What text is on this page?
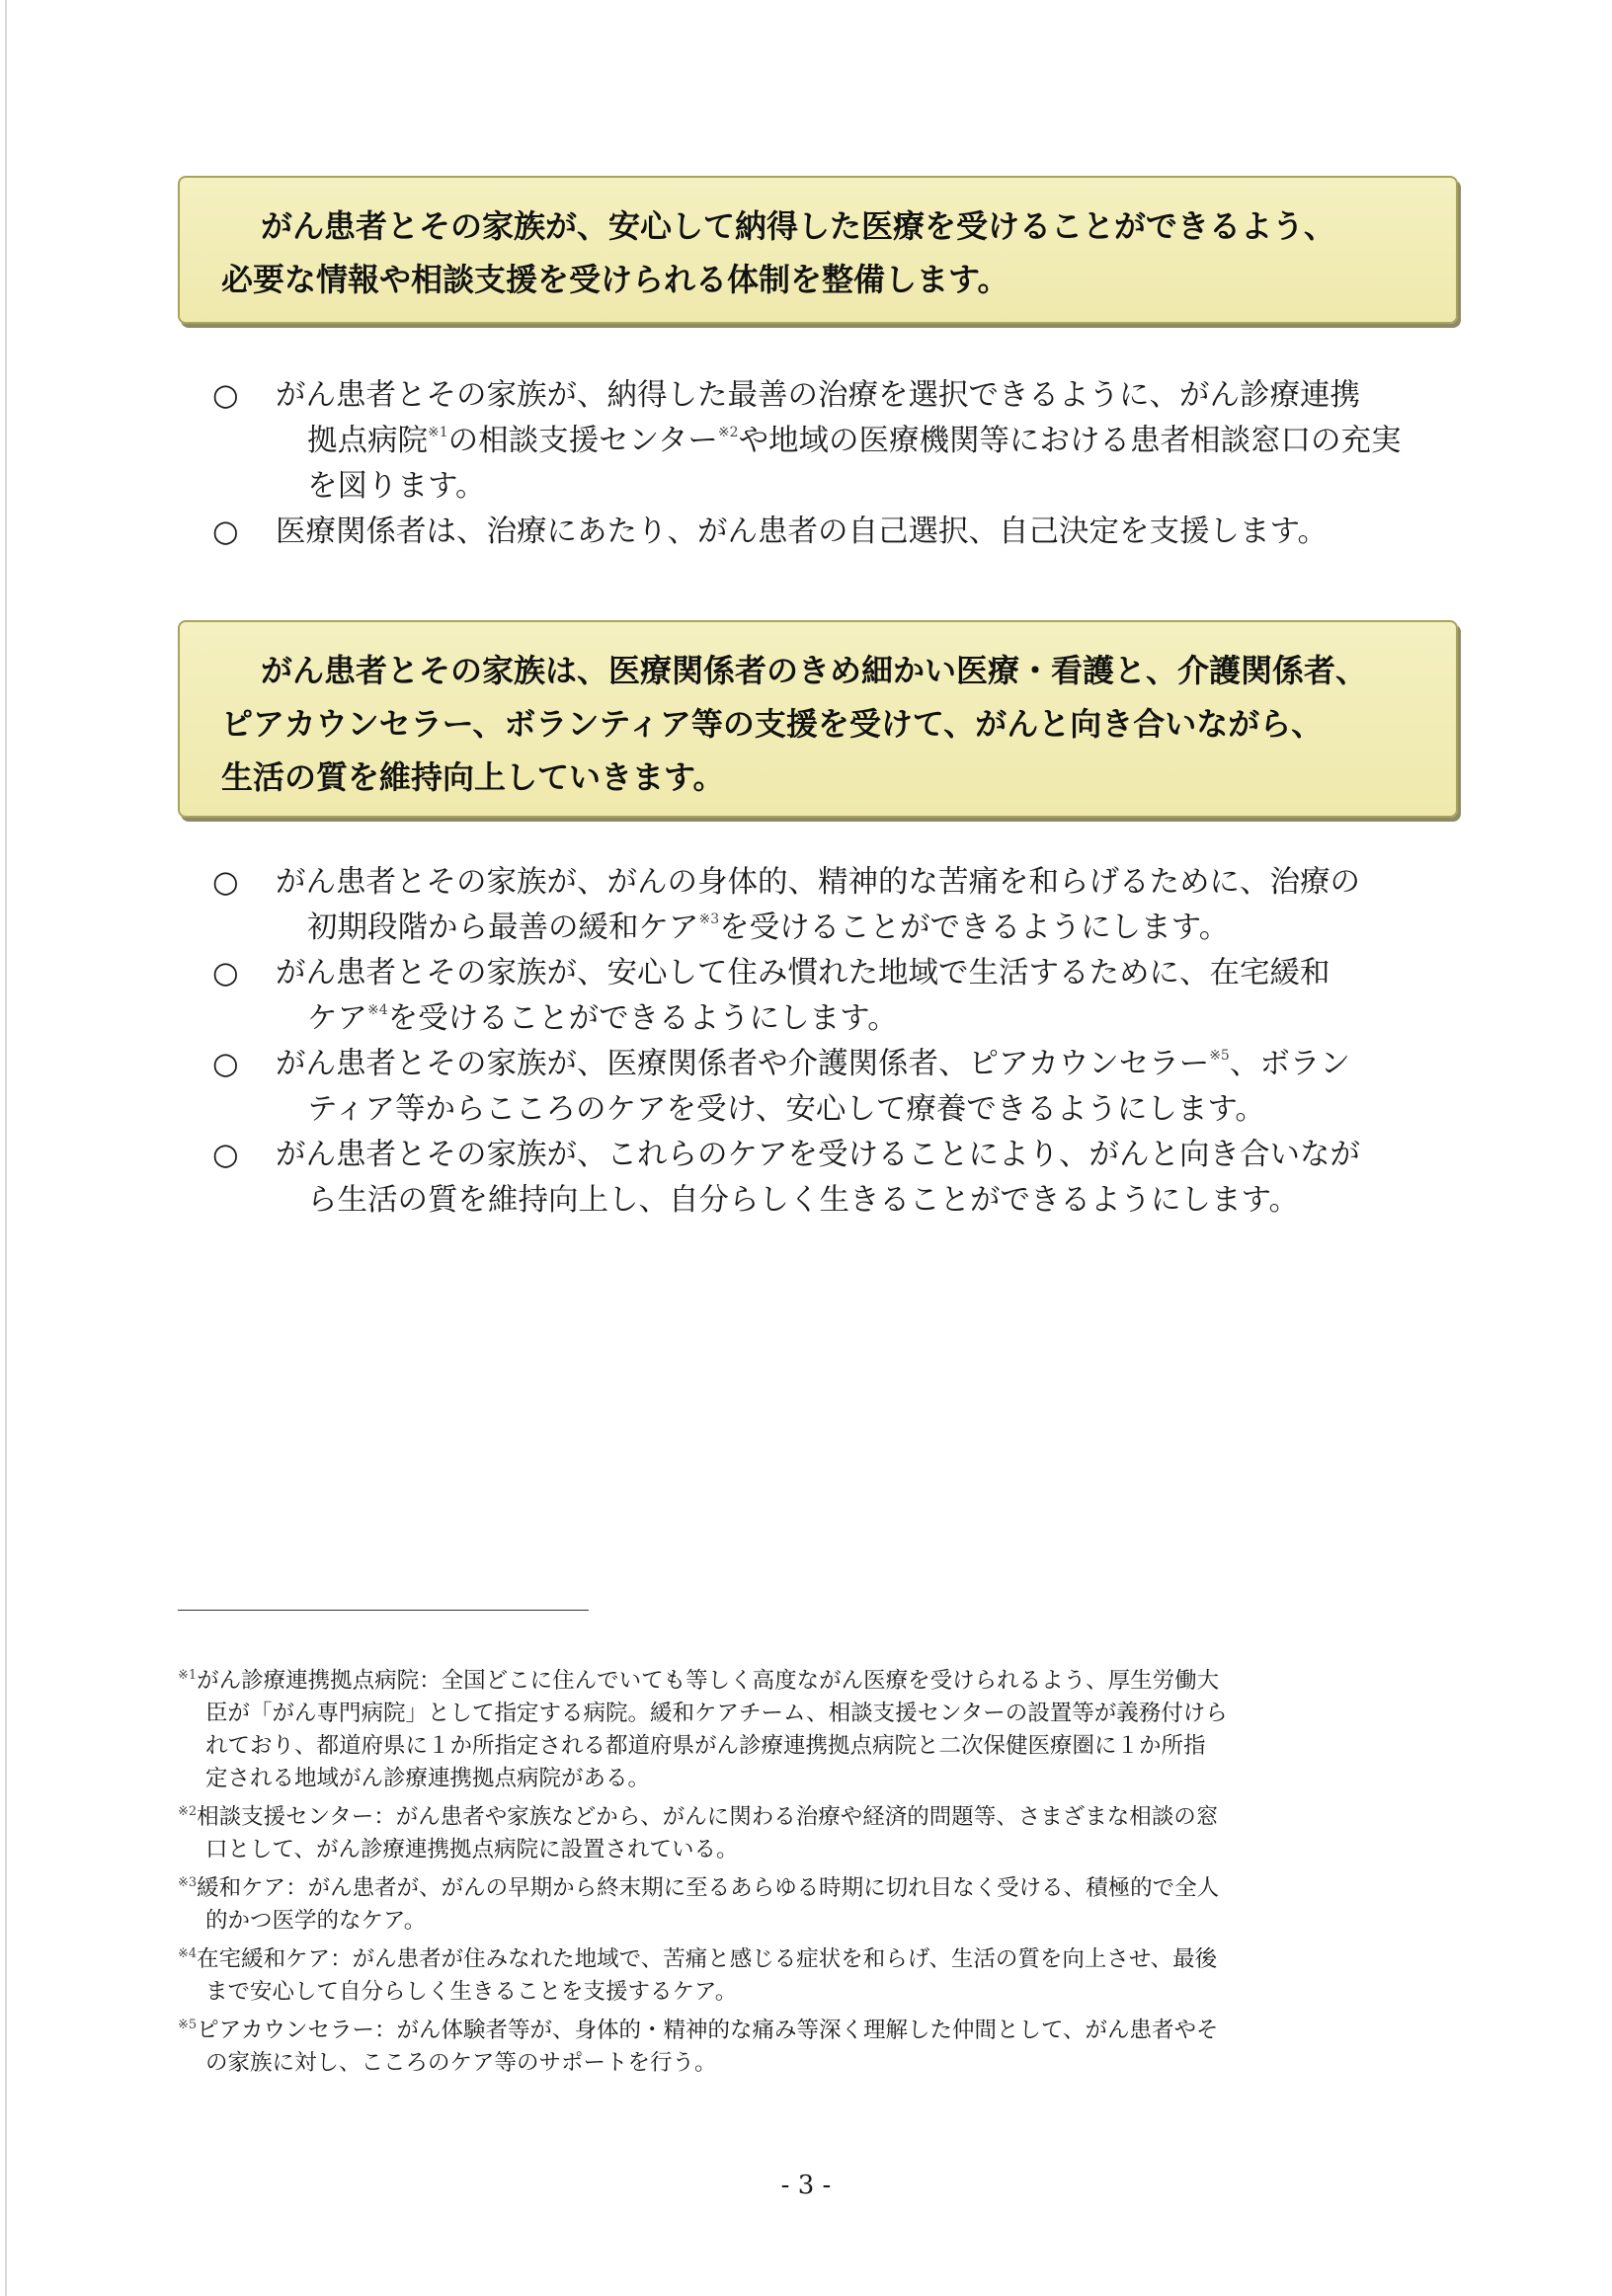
がん患者とその家族が、安心して納得した医療を受けることができるよう、
必要な情報や相談支援を受けられる体制を整備します。
○	がん患者とその家族が、納得した最善の治療を選択できるように、がん診療連携
拠点病院$^{※1}$の相談支援センター$^{※2}$や地域の医療機関等における患者相談窓口の充実
を図ります。
○	医療関係者は、治療にあたり、がん患者の自己選択、自己決定を支援します。
がん患者とその家族は、医療関係者のきめ細かい医療・看護と、介護関係者、
ピアカウンセラー、ボランティア等の支援を受けて、がんと向き合いながら、
生活の質を維持向上していきます。
○	がん患者とその家族が、がんの身体的、精神的な苦痛を和らげるために、治療の
初期段階から最善の緩和ケア$^{※3}$を受けることができるようにします。
○	がん患者とその家族が、安心して住み慣れた地域で生活するために、在宅緩和
ケア$^{※4}$を受けることができるようにします。
○	がん患者とその家族が、医療関係者や介護関係者、ピアカウンセラー$^{※5}$、ボラン
ティア等からこころのケアを受け、安心して療養できるようにします。
○	がん患者とその家族が、これらのケアを受けることにより、がんと向き合いなが
ら生活の質を維持向上し、自分らしく生きることができるようにします。
$^{※1}$がん診療連携拠点病院：全国どこに住んでいても等しく高度ながん医療を受けられるよう、厚生労働大
臣が「がん専門病院」として指定する病院。緩和ケアチーム、相談支援センターの設置等が義務付けら
れており、都道府県に１か所指定される都道府県がん診療連携拠点病院と二次保健医療圏に１か所指
定される地域がん診療連携拠点病院がある。
$^{※2}$相談支援センター：がん患者や家族などから、がんに関わる治療や経済的問題等、さまざまな相談の窓
口として、がん診療連携拠点病院に設置されている。
$^{※3}$緩和ケア：がん患者が、がんの早期から終末期に至るあらゆる時期に切れ目なく受ける、積極的で全人
的かつ医学的なケア。
$^{※4}$在宅緩和ケア：がん患者が住みなれた地域で、苦痛と感じる症状を和らげ、生活の質を向上させ、最後
まで安心して自分らしく生きることを支援するケア。
$^{※5}$ピアカウンセラー：がん体験者等が、身体的・精神的な痛み等深く理解した仲間として、がん患者やそ
の家族に対し、こころのケア等のサポートを行う。
- 3 -
